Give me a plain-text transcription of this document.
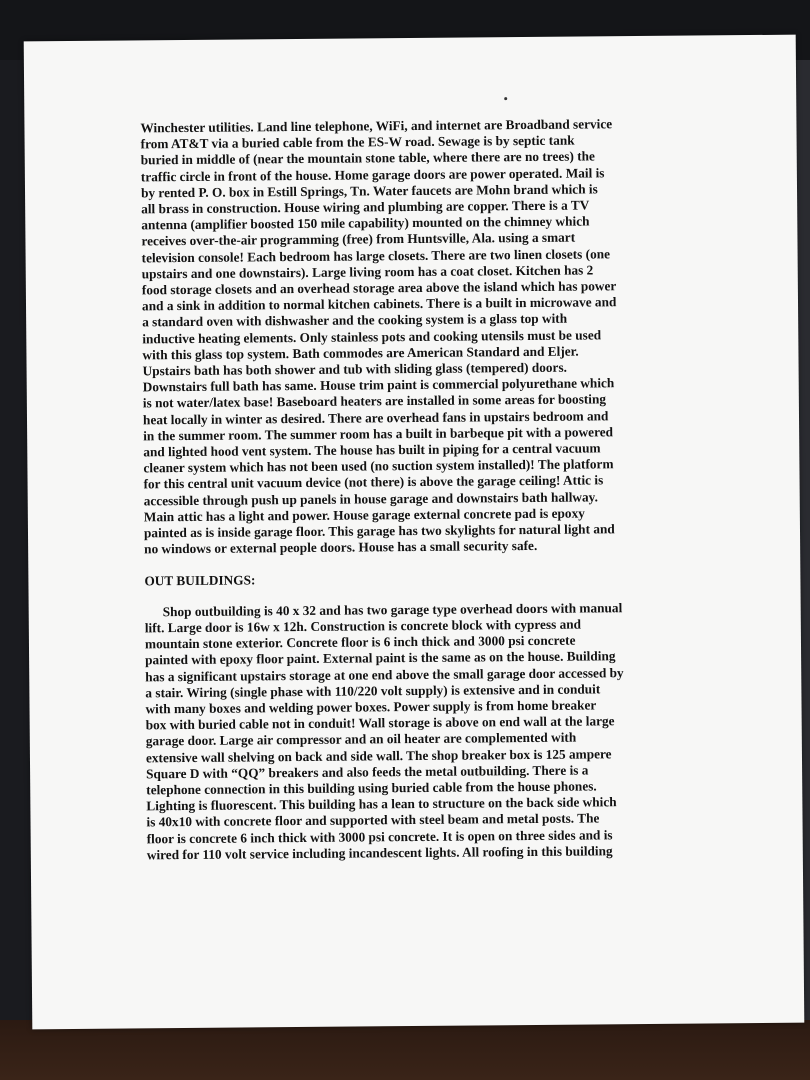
Winchester utilities. Land line telephone, WiFi, and internet are Broadband service
from AT&T via a buried cable from the ES-W road. Sewage is by septic tank
buried in middle of (near the mountain stone table, where there are no trees) the
traffic circle in front of the house. Home garage doors are power operated. Mail is
by rented P. O. box in Estill Springs, Tn. Water faucets are Mohn brand which is
all brass in construction. House wiring and plumbing are copper. There is a TV
antenna (amplifier boosted 150 mile capability) mounted on the chimney which
receives over-the-air programming (free) from Huntsville, Ala. using a smart
television console! Each bedroom has large closets. There are two linen closets (one
upstairs and one downstairs). Large living room has a coat closet. Kitchen has 2
food storage closets and an overhead storage area above the island which has power
and a sink in addition to normal kitchen cabinets. There is a built in microwave and
a standard oven with dishwasher and the cooking system is a glass top with
inductive heating elements. Only stainless pots and cooking utensils must be used
with this glass top system. Bath commodes are American Standard and Eljer.
Upstairs bath has both shower and tub with sliding glass (tempered) doors.
Downstairs full bath has same. House trim paint is commercial polyurethane which
is not water/latex base! Baseboard heaters are installed in some areas for boosting
heat locally in winter as desired. There are overhead fans in upstairs bedroom and
in the summer room. The summer room has a built in barbeque pit with a powered
and lighted hood vent system. The house has built in piping for a central vacuum
cleaner system which has not been used (no suction system installed)! The platform
for this central unit vacuum device (not there) is above the garage ceiling! Attic is
accessible through push up panels in house garage and downstairs bath hallway.
Main attic has a light and power. House garage external concrete pad is epoxy
painted as is inside garage floor. This garage has two skylights for natural light and
no windows or external people doors. House has a small security safe.
OUT BUILDINGS:
Shop outbuilding is 40 x 32 and has two garage type overhead doors with manual
lift. Large door is 16w x 12h. Construction is concrete block with cypress and
mountain stone exterior. Concrete floor is 6 inch thick and 3000 psi concrete
painted with epoxy floor paint. External paint is the same as on the house. Building
has a significant upstairs storage at one end above the small garage door accessed by
a stair. Wiring (single phase with 110/220 volt supply) is extensive and in conduit
with many boxes and welding power boxes. Power supply is from home breaker
box with buried cable not in conduit! Wall storage is above on end wall at the large
garage door. Large air compressor and an oil heater are complemented with
extensive wall shelving on back and side wall. The shop breaker box is 125 ampere
Square D with “QQ” breakers and also feeds the metal outbuilding. There is a
telephone connection in this building using buried cable from the house phones.
Lighting is fluorescent. This building has a lean to structure on the back side which
is 40x10 with concrete floor and supported with steel beam and metal posts. The
floor is concrete 6 inch thick with 3000 psi concrete. It is open on three sides and is
wired for 110 volt service including incandescent lights. All roofing in this building
